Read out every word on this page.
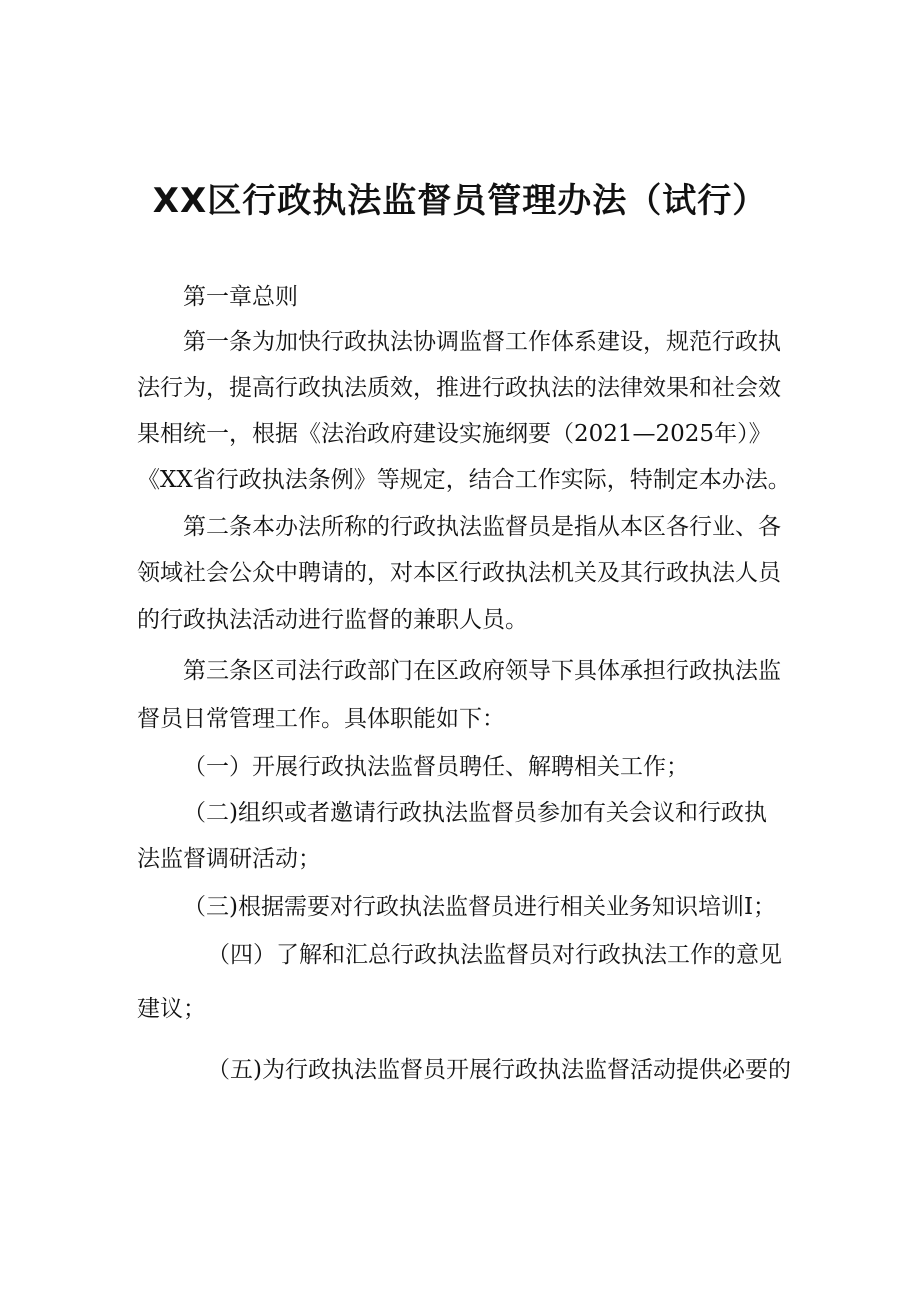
XX区行政执法监督员管理办法（试行）
第一章总则
第一条为加快行政执法协调监督工作体系建设，规范行政执
法行为，提高行政执法质效，推进行政执法的法律效果和社会效
果相统一，根据《法治政府建设实施纲要（2021—2025年）》
《XX省行政执法条例》等规定，结合工作实际，特制定本办法。
第二条本办法所称的行政执法监督员是指从本区各行业、各
领域社会公众中聘请的，对本区行政执法机关及其行政执法人员
的行政执法活动进行监督的兼职人员。
第三条区司法行政部门在区政府领导下具体承担行政执法监
督员日常管理工作。具体职能如下：
（一）开展行政执法监督员聘任、解聘相关工作；
（二)组织或者邀请行政执法监督员参加有关会议和行政执
法监督调研活动；
（三)根据需要对行政执法监督员进行相关业务知识培训I；
（四）了解和汇总行政执法监督员对行政执法工作的意见
建议；
（五)为行政执法监督员开展行政执法监督活动提供必要的
